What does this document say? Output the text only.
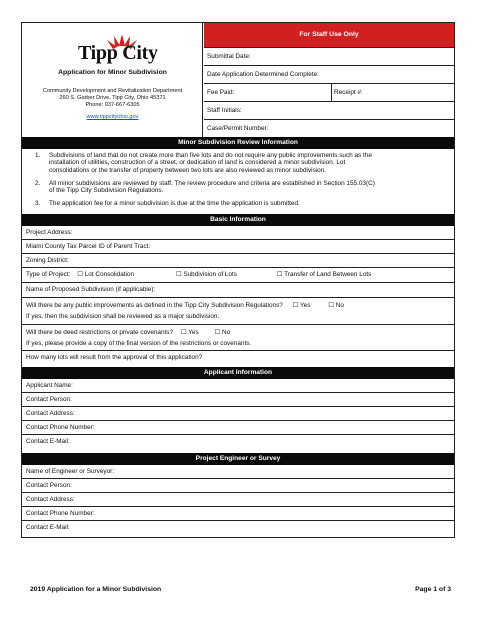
Tipp City
Application for Minor Subdivision
Community Development and Revitalization Department
260 S. Garber Drive, Tipp City, Ohio 45371
Phone: 937-667-6305
www.tippcityohio.gov
For Staff Use Only
Submittal Date:
Date Application Determined Complete:
Fee Paid:	Receipt #:
Staff Initials:
Case/Permit Number:
Minor Subdivision Review Information
1. Subdivisions of land that do not create more than five lots and do not require any public improvements such as the
installation of utilities, construction of a street, or dedication of land is considered a minor subdivision. Lot
consolidations or the transfer of property between two lots are also reviewed as minor subdivision.
2. All minor subdivisions are reviewed by staff. The review procedure and criteria are established in Section 155.03(C)
of the Tipp City Subdivision Regulations.
3. The application fee for a minor subdivision is due at the time the application is submitted.
Basic Information
Project Address:
Miami County Tax Parcel ID of Parent Tract:
Zoning District:
Type of Project: ☐ Lot Consolidation	☐ Subdivision of Lots	☐ Transfer of Land Between Lots
Name of Proposed Subdivision (if applicable):
Will there be any public improvements as defined in the Tipp City Subdivision Regulations? ☐ Yes	☐ No
If yes, then the subdivision shall be reviewed as a major subdivision.
Will there be deed restrictions or private covenants? ☐ Yes ☐ No
If yes, please provide a copy of the final version of the restrictions or covenants.
How many lots will result from the approval of this application?
Applicant Information
Applicant Name:
Contact Person:
Contact Address:
Contact Phone Number:
Contact E-Mail:
Project Engineer or Survey
Name of Engineer or Surveyor:
Contact Person:
Contact Address:
Contact Phone Number:
Contact E-Mail:
2019 Application for a Minor Subdivision	Page 1 of 3
